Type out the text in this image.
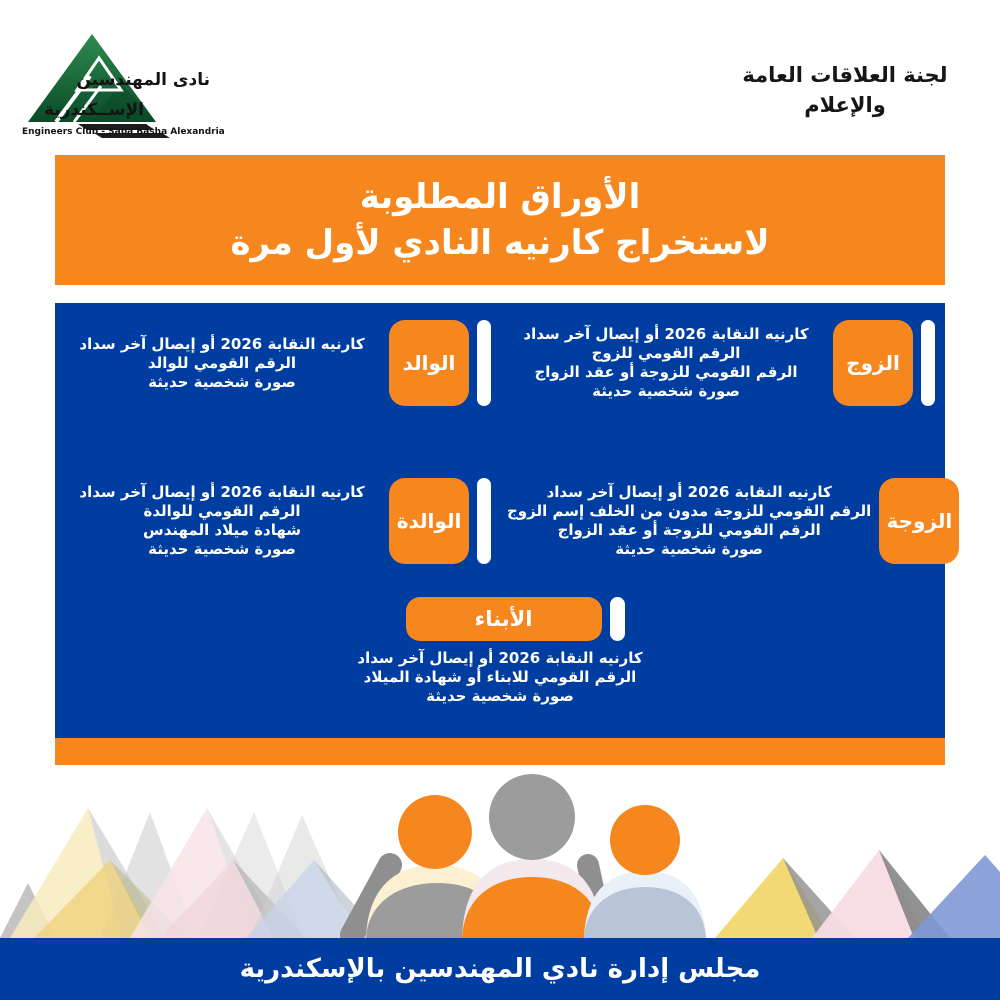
نادى المهندسين
الإســكندرية
Engineers Club - Saba Basha Alexandria
لجنة العلاقات العامة
والإعلام
الأوراق المطلوبة
لاستخراج كارنيه النادي لأول مرة
كارنيه النقابة 2026 أو إيصال آخر سداد
الرقم القومي للزوج
الرقم القومي للزوجة أو عقد الزواج
صورة شخصية حديثة
الزوج
كارنيه النقابة 2026 أو إيصال آخر سداد
الرقم القومي للوالد
صورة شخصية حديثة
الوالد
كارنيه النقابة 2026 أو إيصال آخر سداد
الرقم القومي للزوجة مدون من الخلف إسم الزوج
الرقم القومي للزوجة أو عقد الزواج
صورة شخصية حديثة
الزوجة
كارنيه النقابة 2026 أو إيصال آخر سداد
الرقم القومي للوالدة
شهادة ميلاد المهندس
صورة شخصية حديثة
الوالدة
الأبناء
كارنيه النقابة 2026 أو إيصال آخر سداد
الرقم القومي للابناء أو شهادة الميلاد
صورة شخصية حديثة
مجلس إدارة نادي المهندسين بالإسكندرية
